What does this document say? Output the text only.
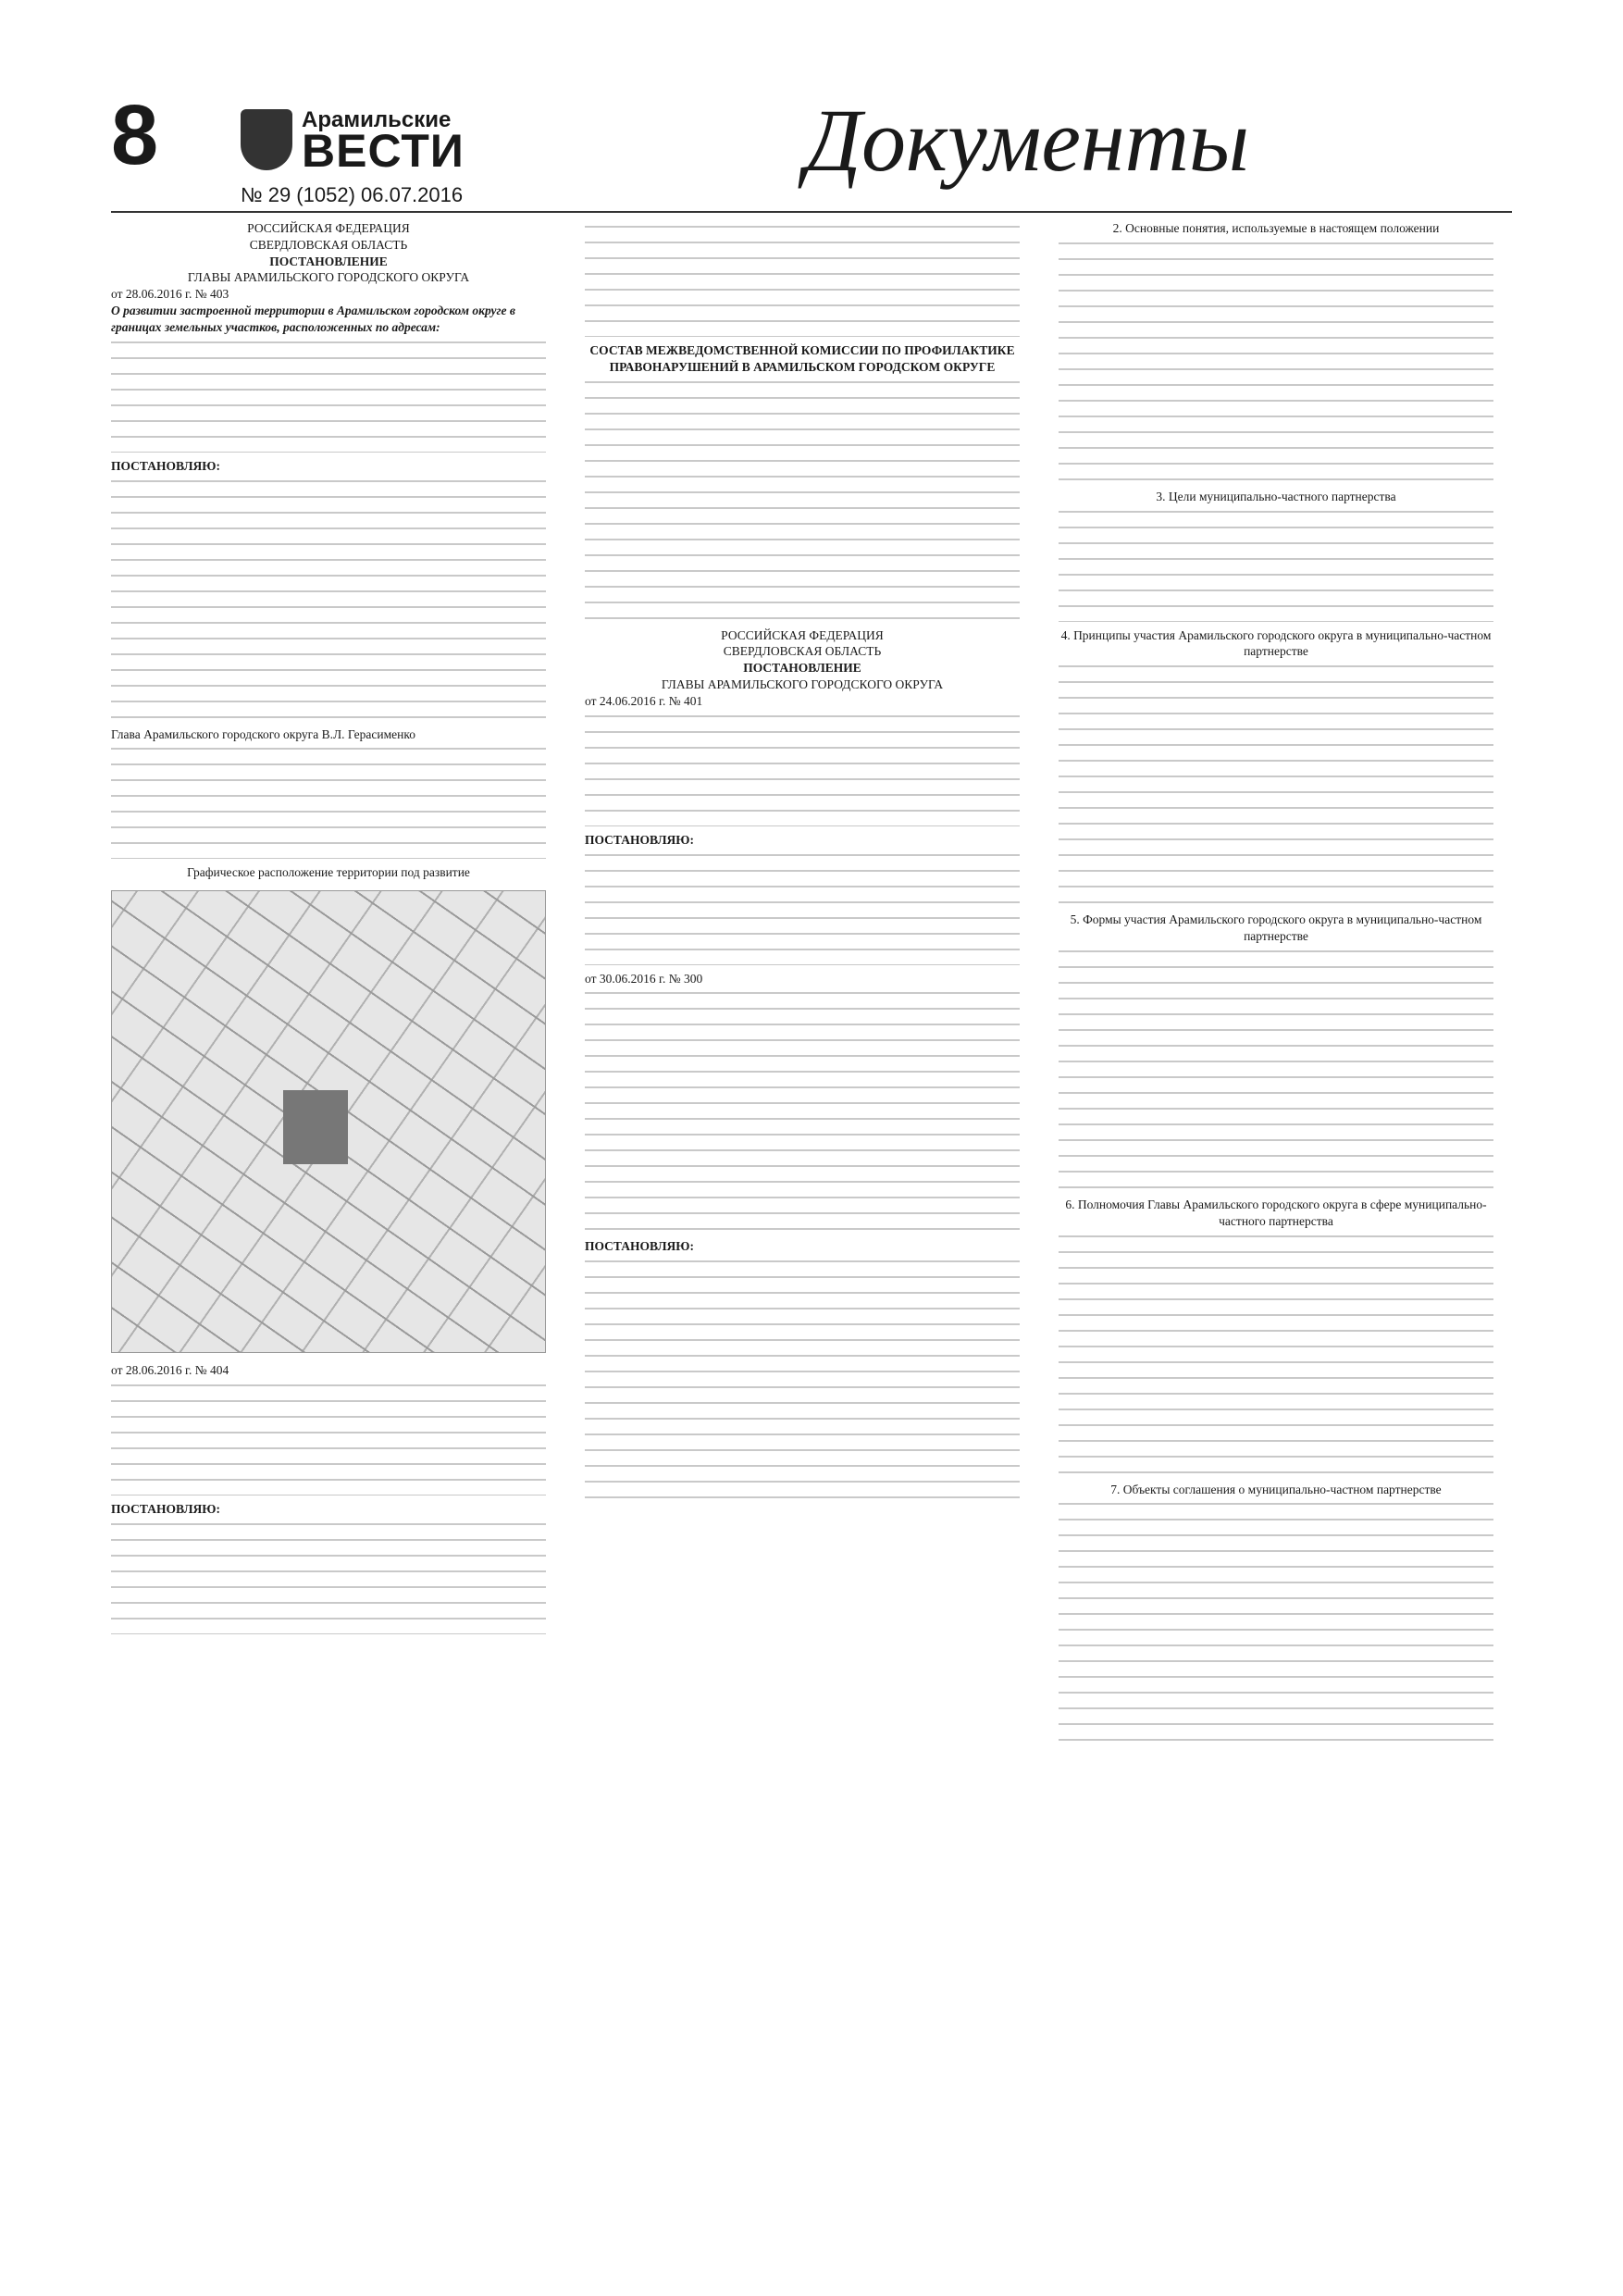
8	Арамильские
ВЕСТИ
№ 29 (1052) 06.07.2016
Документы
РОССИЙСКАЯ ФЕДЕРАЦИЯ
СВЕРДЛОВСКАЯ ОБЛАСТЬ
ПОСТАНОВЛЕНИЕ
ГЛАВЫ АРАМИЛЬСКОГО ГОРОДСКОГО ОКРУГА
от 28.06.2016 г. № 403
О развитии застроенной территории в Арамильском городском округе в границах земельных участков, расположенных по адресам:
ПОСТАНОВЛЯЮ:
Глава Арамильского городского округа В.Л. Герасименко
Графическое расположение территории под развитие
от 28.06.2016 г. № 404
ПОСТАНОВЛЯЮ:
СОСТАВ МЕЖВЕДОМСТВЕННОЙ КОМИССИИ ПО ПРОФИЛАКТИКЕ ПРАВОНАРУШЕНИЙ В АРАМИЛЬСКОМ ГОРОДСКОМ ОКРУГЕ
РОССИЙСКАЯ ФЕДЕРАЦИЯ
СВЕРДЛОВСКАЯ ОБЛАСТЬ
ПОСТАНОВЛЕНИЕ
ГЛАВЫ АРАМИЛЬСКОГО ГОРОДСКОГО ОКРУГА
от 24.06.2016 г. № 401
ПОСТАНОВЛЯЮ:
от 30.06.2016 г. № 300
ПОСТАНОВЛЯЮ:
2. Основные понятия, используемые в настоящем положении
3. Цели муниципально-частного партнерства
4. Принципы участия Арамильского городского округа в муниципально-частном партнерстве
5. Формы участия Арамильского городского округа в муниципально-частном партнерстве
6. Полномочия Главы Арамильского городского округа в сфере муниципально-частного партнерства
7. Объекты соглашения о муниципально-частном партнерстве
